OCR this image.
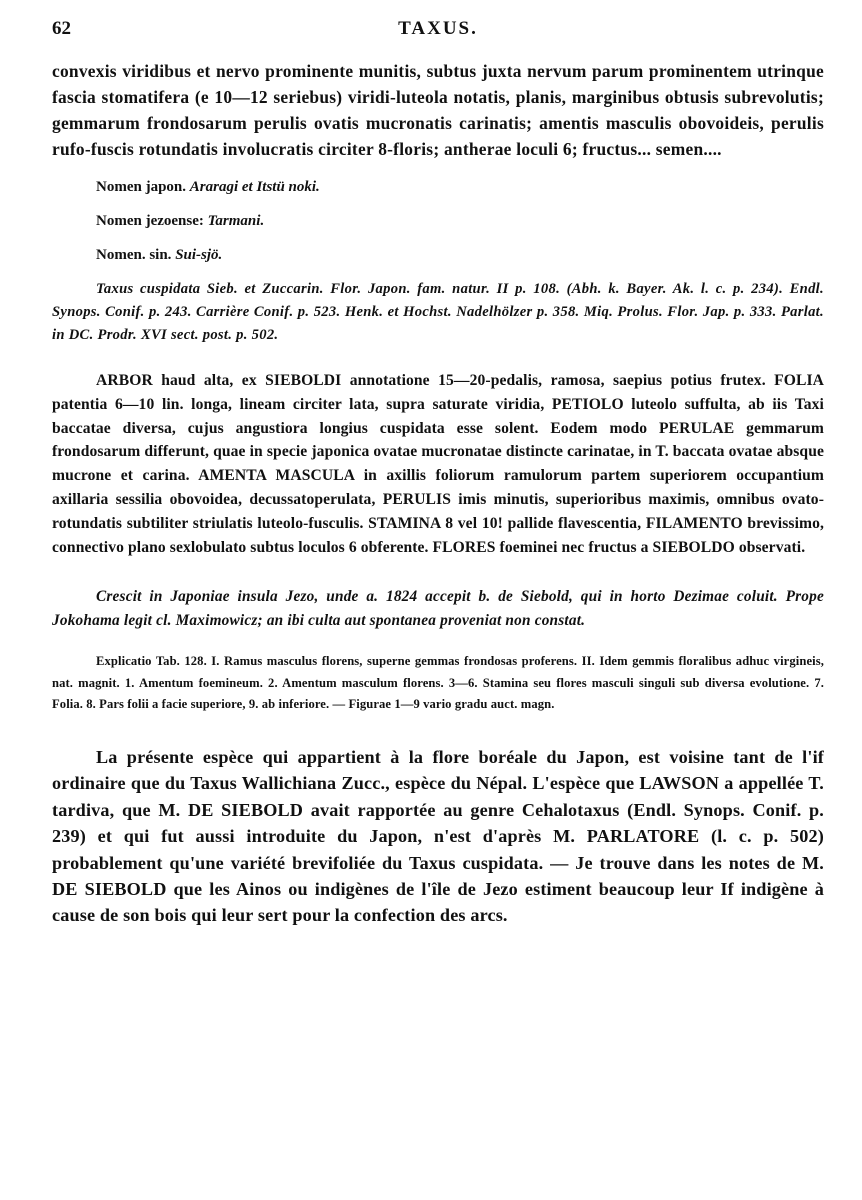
62	TAXUS.

convexis viridibus et nervo prominente munitis, subtus juxta nervum parum prominentem utrinque fascia stomatifera (e 10—12 seriebus) viridi-luteola notatis, planis, marginibus obtusis subrevolutis; gemmarum frondosarum perulis ovatis mucronatis carinatis; amentis masculis obovoideis, perulis rufo-fuscis rotundatis involucratis circiter 8-floris; antherae loculi 6; fructus... semen....

Nomen japon. Araragi et Itstü noki.
Nomen jezoense: Tarmani.
Nomen. sin. Sui-sjö.

Taxus cuspidata Sieb. et Zuccarin. Flor. Japon. fam. natur. II p. 108. (Abh. k. Bayer. Ak. l. c. p. 234). Endl. Synops. Conif. p. 243. Carrière Conif. p. 523. Henk. et Hochst. Nadelhölzer p. 358. Miq. Prolus. Flor. Jap. p. 333. Parlat. in DC. Prodr. XVI sect. post. p. 502.

ARBOR haud alta, ex SIEBOLDI annotatione 15—20-pedalis, ramosa, saepius potius frutex. FOLIA patentia 6—10 lin. longa, lineam circiter lata, supra saturate viridia, PETIOLO luteolo suffulta, ab iis Taxi baccatae diversa, cujus angustiora longius cuspidata esse solent. Eodem modo PERULAE gemmarum frondosarum differunt, quae in specie japonica ovatae mucronatae distincte carinatae, in T. baccata ovatae absque mucrone et carina. AMENTA MASCULA in axillis foliorum ramulorum partem superiorem occupantium axillaria sessilia obovoidea, decussatoperulata, PERULIS imis minutis, superioribus maximis, omnibus ovato-rotundatis subtiliter striulatis luteolo-fusculis. STAMINA 8 vel 10! pallide flavescentia, FILAMENTO brevissimo, connectivo plano sexlobulato subtus loculos 6 obferente. FLORES foeminei nec fructus a SIEBOLDO observati.

Crescit in Japoniae insula Jezo, unde a. 1824 accepit b. de Siebold, qui in horto Dezimae coluit. Prope Jokohama legit cl. Maximowicz; an ibi culta aut spontanea proveniat non constat.

Explicatio Tab. 128. I. Ramus masculus florens, superne gemmas frondosas proferens. II. Idem gemmis floralibus adhuc virgineis, nat. magnit. 1. Amentum foemineum. 2. Amentum masculum florens. 3—6. Stamina seu flores masculi singuli sub diversa evolutione. 7. Folia. 8. Pars folii a facie superiore, 9. ab inferiore. — Figurae 1—9 vario gradu auct. magn.

La présente espèce qui appartient à la flore boréale du Japon, est voisine tant de l'if ordinaire que du Taxus Wallichiana Zucc., espèce du Népal. L'espèce que LAWSON a appellée T. tardiva, que M. DE SIEBOLD avait rapportée au genre Cehalotaxus (Endl. Synops. Conif. p. 239) et qui fut aussi introduite du Japon, n'est d'après M. PARLATORE (l. c. p. 502) probablement qu'une variété brevifoliée du Taxus cuspidata. — Je trouve dans les notes de M. DE SIEBOLD que les Ainos ou indigènes de l'île de Jezo estiment beaucoup leur If indigène à cause de son bois qui leur sert pour la confection des arcs.
